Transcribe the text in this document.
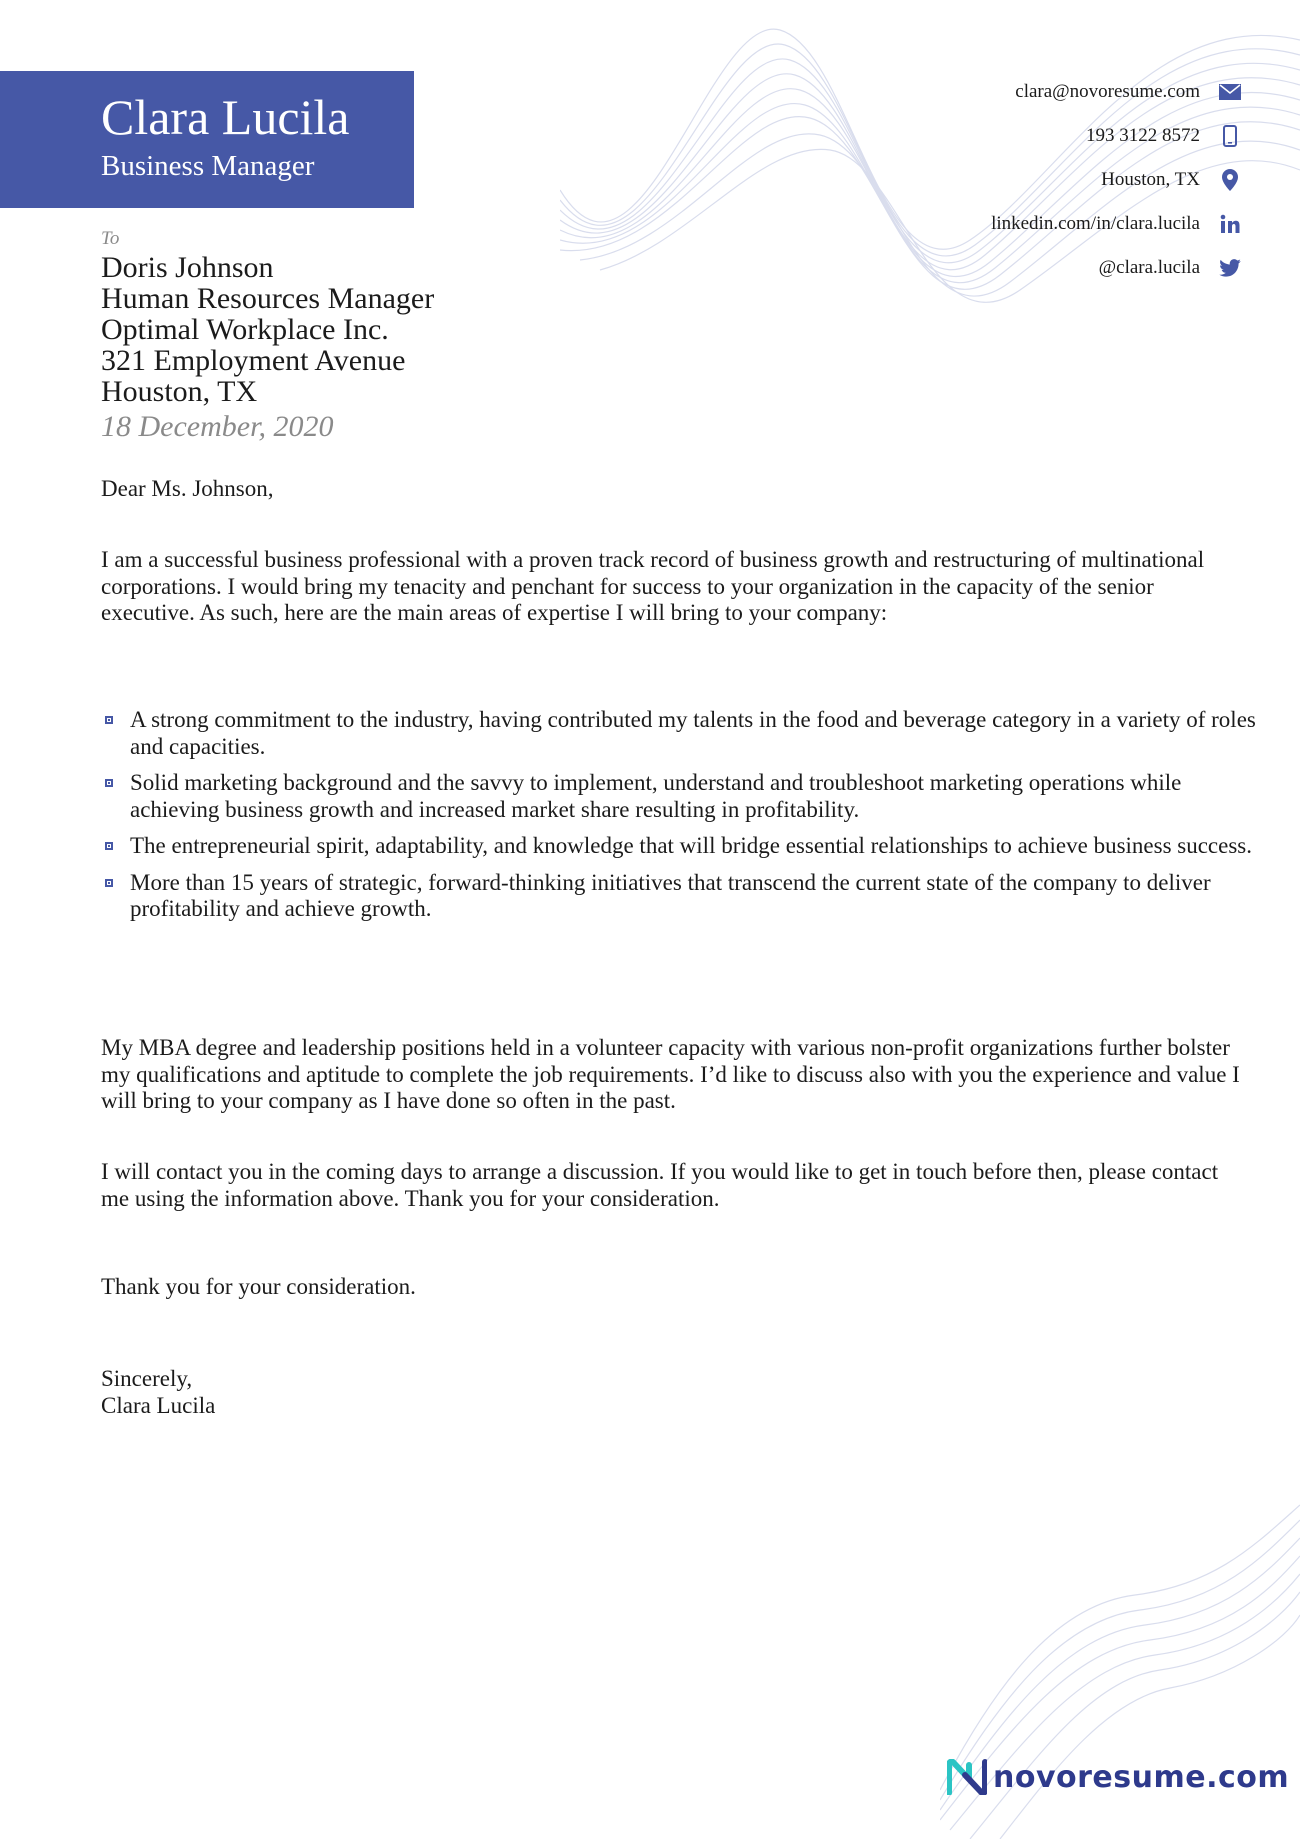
Clara Lucila
Business Manager
clara@novoresume.com
193 3122 8572
Houston, TX
linkedin.com/in/clara.lucila
@clara.lucila
To
Doris Johnson
Human Resources Manager
Optimal Workplace Inc.
321 Employment Avenue
Houston, TX
18 December, 2020
Dear Ms. Johnson,
I am a successful business professional with a proven track record of business growth and restructuring of multinational corporations. I would bring my tenacity and penchant for success to your organization in the capacity of the senior executive. As such, here are the main areas of expertise I will bring to your company:
A strong commitment to the industry, having contributed my talents in the food and beverage category in a variety of roles and capacities.
Solid marketing background and the savvy to implement, understand and troubleshoot marketing operations while achieving business growth and increased market share resulting in profitability.
The entrepreneurial spirit, adaptability, and knowledge that will bridge essential relationships to achieve business success.
More than 15 years of strategic, forward-thinking initiatives that transcend the current state of the company to deliver profitability and achieve growth.
My MBA degree and leadership positions held in a volunteer capacity with various non-profit organizations further bolster my qualifications and aptitude to complete the job requirements. I’d like to discuss also with you the experience and value I will bring to your company as I have done so often in the past.
I will contact you in the coming days to arrange a discussion. If you would like to get in touch before then, please contact me using the information above. Thank you for your consideration.
Thank you for your consideration.
Sincerely,
Clara Lucila
novoresume.com
